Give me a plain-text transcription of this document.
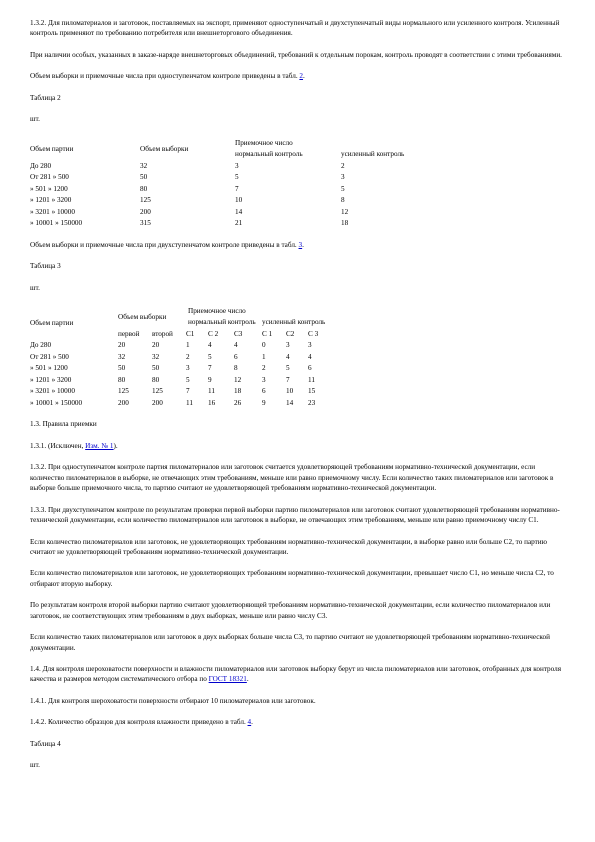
1.3.2. Для пиломатериалов и заготовок, поставляемых на экспорт, применяют одноступенчатый и двухступенчатый виды нормального или усиленного контроля. Усиленный контроль применяют по требованию потребителя или внешнеторгового объединения.

При наличии особых, указанных в заказе-наряде внешнеторговых объединений, требований к отдельным порокам, контроль проводят в соответствии с этими требованиями.

Объем выборки и приемочные числа при одноступенчатом контроле приведены в табл. 2.

Таблица 2
шт.
Объем партии	Объем выборки	Приемочное число	
		нормальный контроль	усиленный контроль
До 280	32	3	2
От 281 » 500	50	5	3
» 501 » 1200	80	7	5
» 1201 » 3200	125	10	8
» 3201 » 10000	200	14	12
» 10001 » 150000	315	21	18

Объем выборки и приемочные числа при двухступенчатом контроле приведены в табл. 3.

Таблица 3
шт.
Объем партии	Объем выборки		Приемочное число					
			нормальный контроль			усиленный контроль		
	первой	второй	C1	C 2	C3	C 1	C2	C 3
До 280	20	20	1	4	4	0	3	3
От 281 » 500	32	32	2	5	6	1	4	4
» 501 » 1200	50	50	3	7	8	2	5	6
» 1201 » 3200	80	80	5	9	12	3	7	11
» 3201 » 10000	125	125	7	11	18	6	10	15
» 10001 » 150000	200	200	11	16	26	9	14	23

1.3. Правила приемки

1.3.1. (Исключен, Изм. № 1).

1.3.2. При одноступенчатом контроле партия пиломатериалов или заготовок считается удовлетворяющей требованиям нормативно-технической документации, если количество пиломатериалов в выборке, не отвечающих этим требованиям, меньше или равно приемочному числу. Если количество таких пиломатериалов или заготовок в выборке больше приемочного числа, то партию считают не удовлетворяющей требованиям нормативно-технической документации.

1.3.3. При двухступенчатом контроле по результатам проверки первой выборки партию пиломатериалов или заготовок считают удовлетворяющей требованиям нормативно-технической документации, если количество пиломатериалов или заготовок в выборке, не отвечающих этим требованиям, меньше или равно приемочному числу С1.

Если количество пиломатериалов или заготовок, не удовлетворяющих требованиям нормативно-технической документации, в выборке равно или больше С2, то партию считают не удовлетворяющей требованиям нормативно-технической документации.

Если количество пиломатериалов или заготовок, не удовлетворяющих требованиям нормативно-технической документации, превышает число С1, но меньше числа С2, то отбирают вторую выборку.

По результатам контроля второй выборки партию считают удовлетворяющей требованиям нормативно-технической документации, если количество пиломатериалов или заготовок, не соответствующих этим требованиям в двух выборках, меньше или равно числу С3.

Если количество таких пиломатериалов или заготовок в двух выборках больше числа С3, то партию считают не удовлетворяющей требованиям нормативно-технической документации.

1.4. Для контроля шероховатости поверхности и влажности пиломатериалов или заготовок выборку берут из числа пиломатериалов или заготовок, отобранных для контроля качества и размеров методом систематического отбора по ГОСТ 18321.

1.4.1. Для контроля шероховатости поверхности отбирают 10 пиломатериалов или заготовок.

1.4.2. Количество образцов для контроля влажности приведено в табл. 4.

Таблица 4
шт.
